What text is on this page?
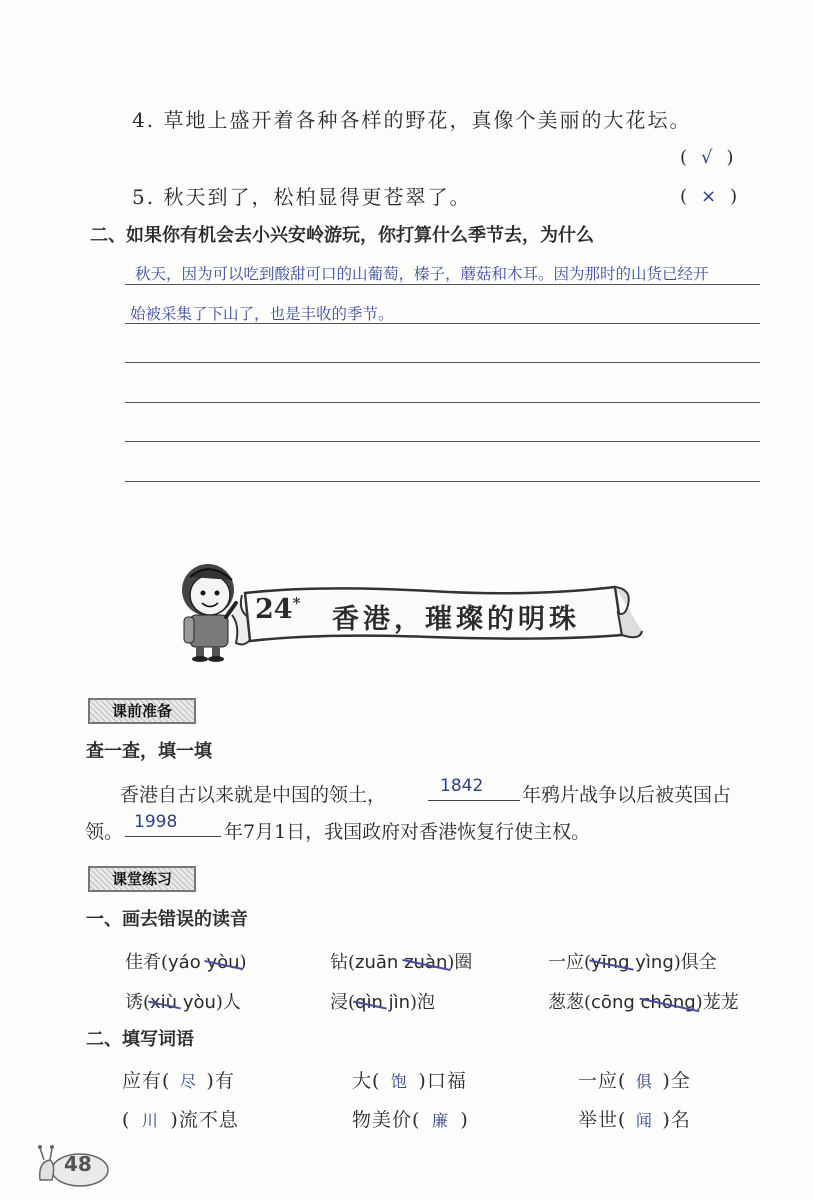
4. 草地上盛开着各种各样的野花，真像个美丽的大花坛。
(√)
5. 秋天到了，松柏显得更苍翠了。	(×)
二、如果你有机会去小兴安岭游玩，你打算什么季节去，为什么
秋天，因为可以吃到酸甜可口的山葡萄，榛子，蘑菇和木耳。因为那时的山货已经开
始被采集了下山了，也是丰收的季节。
24*
香港，璀璨的明珠
课前准备
查一查，填一填
香港自古以来就是中国的领土，	1842 年鸦片战争以后被英国占
领。 1998 年7月1日，我国政府对香港恢复行使主权。
课堂练习
一、画去错误的读音
佳肴(yáo yòu)	钻(zuān zuàn)圈	一应(yīng yìng)俱全
诱(xiù yòu)人	浸(qìn jìn)泡	葱葱(cōng chōng)茏茏
二、填写词语
应有( 尽 )有	大( 饱 )口福	一应( 俱 )全
( 川 )流不息	物美价( 廉 )	举世( 闻 )名
48
